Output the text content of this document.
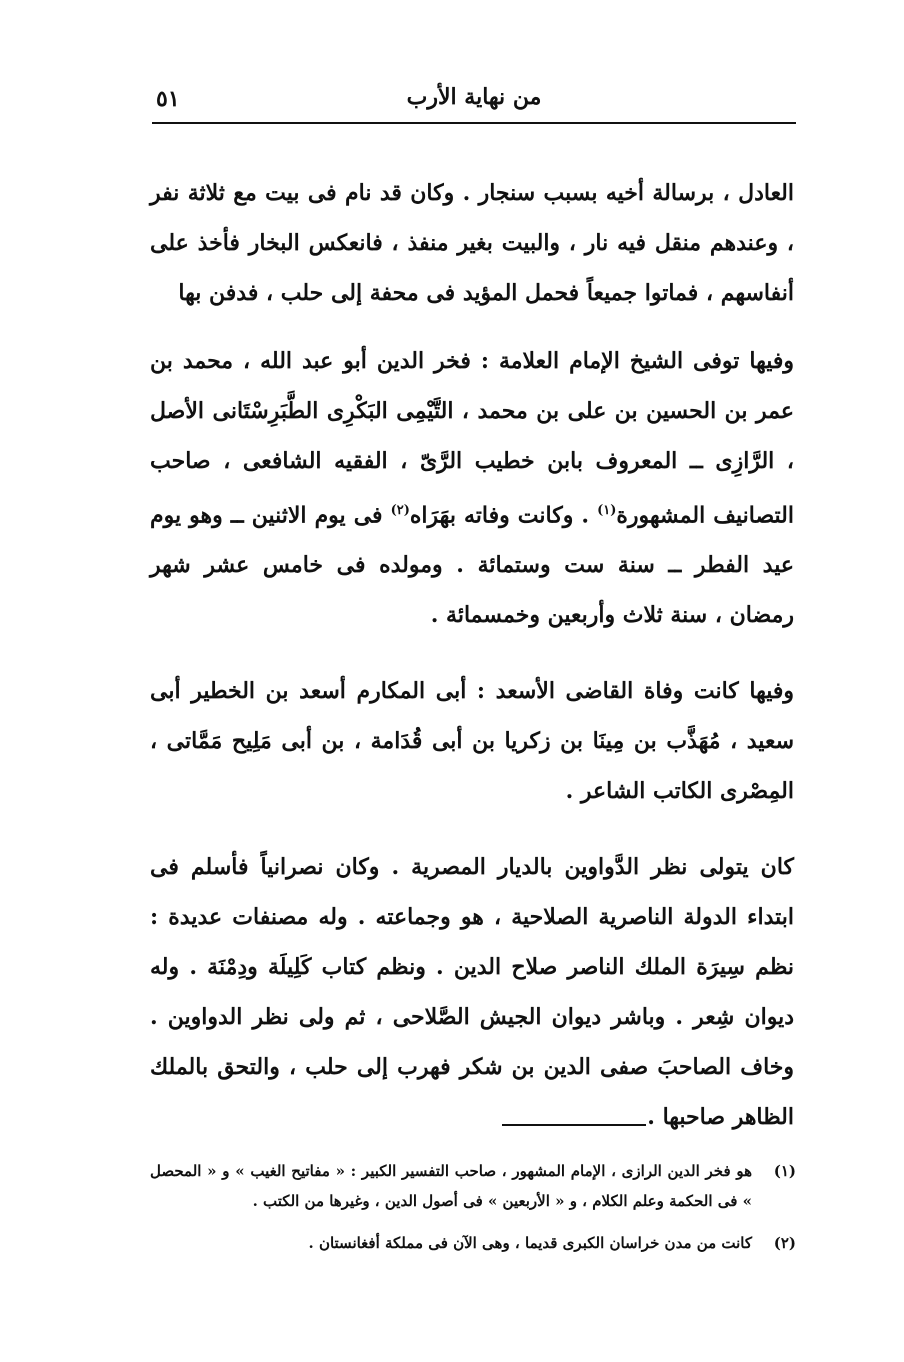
من نهاية الأرب
٥١

العادل ، برسالة أخيه بسبب سنجار . وكان قد نام فى بيت مع ثلاثة نفر ، وعندهم منقل فيه نار ، والبيت بغير منفذ ، فانعكس البخار فأخذ على أنفاسهم ، فماتوا جميعاً فحمل المؤيد فى محفة إلى حلب ، فدفن بها

وفيها توفى الشيخ الإمام العلامة : فخر الدين أبو عبد الله ، محمد بن عمر بن الحسين بن على بن محمد ، التَّيْمِى البَكْرِى الطَّبَرِسْتَانى الأصل ، الرَّازِى ــ المعروف بابن خطيب الرَّىّ ، الفقيه الشافعى ، صاحب التصانيف المشهورة$^{(١)}$ . وكانت وفاته بهَرَاه$^{(٢)}$ فى يوم الاثنين ــ وهو يوم عيد الفطر ــ سنة ست وستمائة . ومولده فى خامس عشر شهر رمضان ، سنة ثلاث وأربعين وخمسمائة .

وفيها كانت وفاة القاضى الأسعد : أبى المكارم أسعد بن الخطير أبى سعيد ، مُهَذَّب بن مِينَا بن زكريا بن أبى قُدَامة ، بن أبى مَلِيح مَمَّاتى ، المِصْرى الكاتب الشاعر .

كان يتولى نظر الدَّواوين بالديار المصرية . وكان نصرانياً فأسلم فى ابتداء الدولة الناصرية الصلاحية ، هو وجماعته . وله مصنفات عديدة : نظم سِيرَة الملك الناصر صلاح الدين . ونظم كتاب كَلِيلَة ودِمْنَة . وله ديوان شِعر . وباشر ديوان الجيش الصَّلاحى ، ثم ولى نظر الدواوين . وخاف الصاحبَ صفى الدين بن شكر فهرب إلى حلب ، والتحق بالملك الظاهر صاحبها .

(١)
هو فخر الدين الرازى ، الإمام المشهور ، صاحب التفسير الكبير : « مفاتيح الغيب » و « المحصل » فى الحكمة وعلم الكلام ، و « الأربعين » فى أصول الدين ، وغيرها من الكتب .
(٢)
كانت من مدن خراسان الكبرى قديما ، وهى الآن فى مملكة أفغانستان .
